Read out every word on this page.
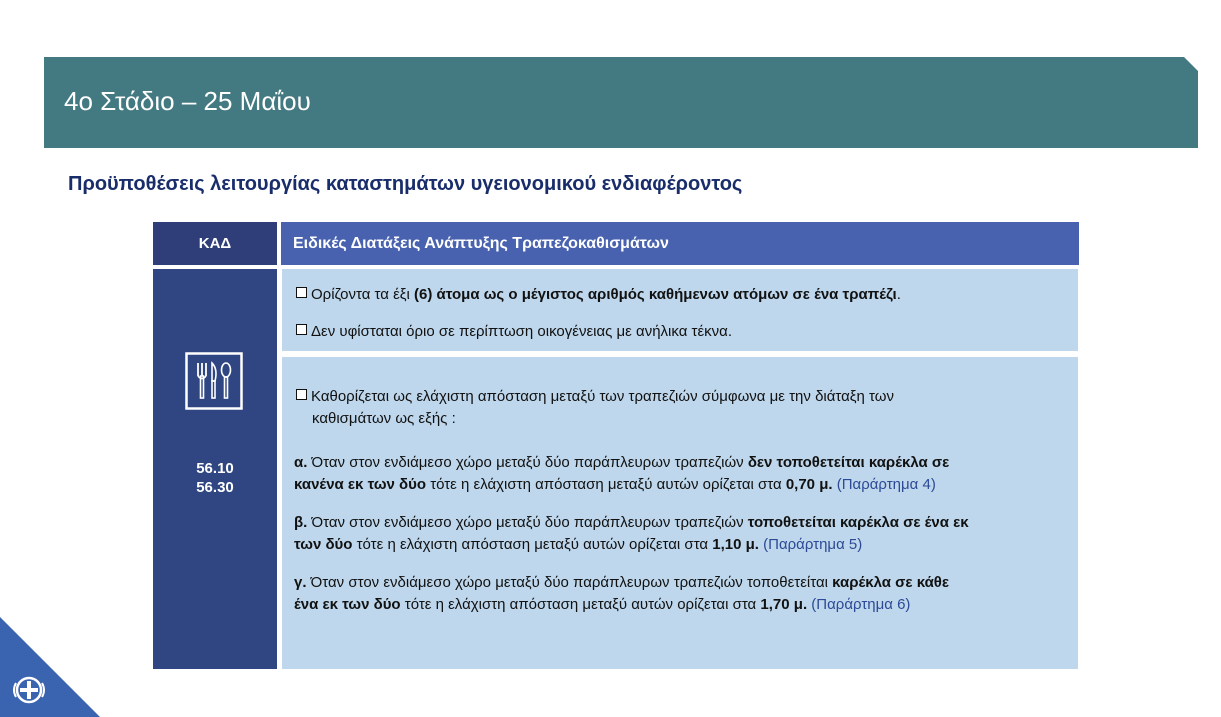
4ο Στάδιο – 25 Μαΐου
Προϋποθέσεις λειτουργίας καταστημάτων υγειονομικού ενδιαφέροντος
ΚΑΔ	Ειδικές Διατάξεις Ανάπτυξης Τραπεζοκαθισμάτων
56.10
56.30
Ορίζοντα τα έξι (6) άτομα ως ο μέγιστος αριθμός καθήμενων ατόμων σε ένα τραπέζι.
Δεν υφίσταται όριο σε περίπτωση οικογένειας με ανήλικα τέκνα.
Καθορίζεται ως ελάχιστη απόσταση μεταξύ των τραπεζιών σύμφωνα με την διάταξη των
καθισμάτων ως εξής :
α. Όταν στον ενδιάμεσο χώρο μεταξύ δύο παράπλευρων τραπεζιών δεν τοποθετείται καρέκλα σε
κανένα εκ των δύο τότε η ελάχιστη απόσταση μεταξύ αυτών ορίζεται στα 0,70 μ. (Παράρτημα 4)
β. Όταν στον ενδιάμεσο χώρο μεταξύ δύο παράπλευρων τραπεζιών τοποθετείται καρέκλα σε ένα εκ
των δύο τότε η ελάχιστη απόσταση μεταξύ αυτών ορίζεται στα 1,10 μ. (Παράρτημα 5)
γ. Όταν στον ενδιάμεσο χώρο μεταξύ δύο παράπλευρων τραπεζιών τοποθετείται καρέκλα σε κάθε
ένα εκ των δύο τότε η ελάχιστη απόσταση μεταξύ αυτών ορίζεται στα 1,70 μ. (Παράρτημα 6)
